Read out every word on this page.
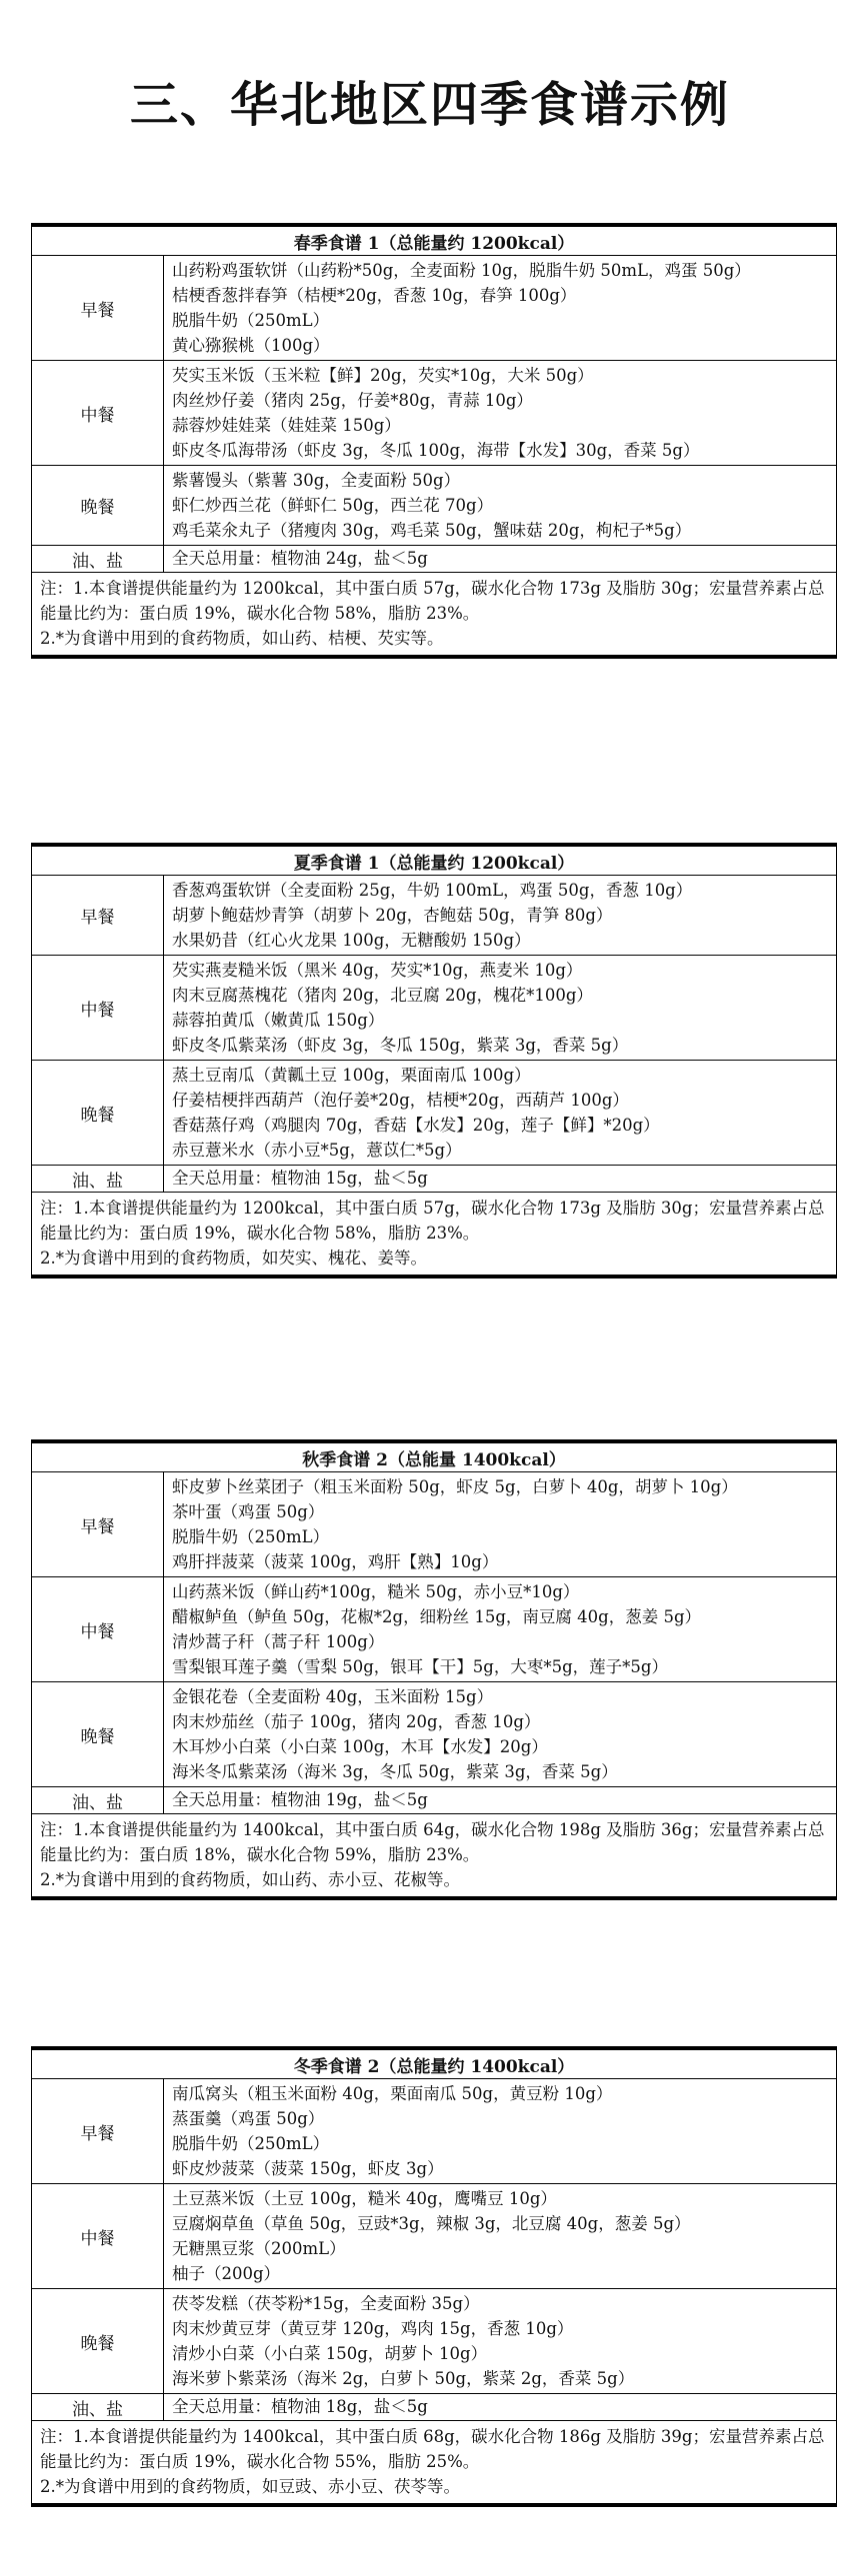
三、华北地区四季食谱示例
春季食谱 1（总能量约 1200kcal）	
早餐	山药粉鸡蛋软饼（山药粉*50g，全麦面粉 10g，脱脂牛奶 50mL，鸡蛋 50g）
桔梗香葱拌春笋（桔梗*20g，香葱 10g，春笋 100g）
脱脂牛奶（250mL）
黄心猕猴桃（100g）

中餐	芡实玉米饭（玉米粒【鲜】20g，芡实*10g，大米 50g）
肉丝炒仔姜（猪肉 25g，仔姜*80g，青蒜 10g）
蒜蓉炒娃娃菜（娃娃菜 150g）
虾皮冬瓜海带汤（虾皮 3g，冬瓜 100g，海带【水发】30g，香菜 5g）

晚餐	紫薯馒头（紫薯 30g，全麦面粉 50g）
虾仁炒西兰花（鲜虾仁 50g，西兰花 70g）
鸡毛菜氽丸子（猪瘦肉 30g，鸡毛菜 50g，蟹味菇 20g，枸杞子*5g）

油、盐	全天总用量：植物油 24g，盐＜5g

注：1.本食谱提供能量约为 1200kcal，其中蛋白质 57g，碳水化合物 173g 及脂肪 30g；宏量营养素占总能量比约为：蛋白质 19%，碳水化合物 58%，脂肪 23%。
2.*为食谱中用到的食药物质，如山药、桔梗、芡实等。	
夏季食谱 1（总能量约 1200kcal）	
早餐	香葱鸡蛋软饼（全麦面粉 25g，牛奶 100mL，鸡蛋 50g，香葱 10g）
胡萝卜鲍菇炒青笋（胡萝卜 20g，杏鲍菇 50g，青笋 80g）
水果奶昔（红心火龙果 100g，无糖酸奶 150g）

中餐	芡实燕麦糙米饭（黑米 40g，芡实*10g，燕麦米 10g）
肉末豆腐蒸槐花（猪肉 20g，北豆腐 20g，槐花*100g）
蒜蓉拍黄瓜（嫩黄瓜 150g）
虾皮冬瓜紫菜汤（虾皮 3g，冬瓜 150g，紫菜 3g，香菜 5g）

晚餐	蒸土豆南瓜（黄瓤土豆 100g，栗面南瓜 100g）
仔姜桔梗拌西葫芦（泡仔姜*20g，桔梗*20g，西葫芦 100g）
香菇蒸仔鸡（鸡腿肉 70g，香菇【水发】20g，莲子【鲜】*20g）
赤豆薏米水（赤小豆*5g，薏苡仁*5g）

油、盐	全天总用量：植物油 15g，盐＜5g

注：1.本食谱提供能量约为 1200kcal，其中蛋白质 57g，碳水化合物 173g 及脂肪 30g；宏量营养素占总能量比约为：蛋白质 19%，碳水化合物 58%，脂肪 23%。
2.*为食谱中用到的食药物质，如芡实、槐花、姜等。	
秋季食谱 2（总能量 1400kcal）	
早餐	虾皮萝卜丝菜团子（粗玉米面粉 50g，虾皮 5g，白萝卜 40g，胡萝卜 10g）
茶叶蛋（鸡蛋 50g）
脱脂牛奶（250mL）
鸡肝拌菠菜（菠菜 100g，鸡肝【熟】10g）

中餐	山药蒸米饭（鲜山药*100g，糙米 50g，赤小豆*10g）
醋椒鲈鱼（鲈鱼 50g，花椒*2g，细粉丝 15g，南豆腐 40g，葱姜 5g）
清炒蒿子秆（蒿子秆 100g）
雪梨银耳莲子羹（雪梨 50g，银耳【干】5g，大枣*5g，莲子*5g）

晚餐	金银花卷（全麦面粉 40g，玉米面粉 15g）
肉末炒茄丝（茄子 100g，猪肉 20g，香葱 10g）
木耳炒小白菜（小白菜 100g，木耳【水发】20g）
海米冬瓜紫菜汤（海米 3g，冬瓜 50g，紫菜 3g，香菜 5g）

油、盐	全天总用量：植物油 19g，盐＜5g

注：1.本食谱提供能量约为 1400kcal，其中蛋白质 64g，碳水化合物 198g 及脂肪 36g；宏量营养素占总能量比约为：蛋白质 18%，碳水化合物 59%，脂肪 23%。
2.*为食谱中用到的食药物质，如山药、赤小豆、花椒等。	
冬季食谱 2（总能量约 1400kcal）	
早餐	南瓜窝头（粗玉米面粉 40g，栗面南瓜 50g，黄豆粉 10g）
蒸蛋羹（鸡蛋 50g）
脱脂牛奶（250mL）
虾皮炒菠菜（菠菜 150g，虾皮 3g）

中餐	土豆蒸米饭（土豆 100g，糙米 40g，鹰嘴豆 10g）
豆腐焖草鱼（草鱼 50g，豆豉*3g，辣椒 3g，北豆腐 40g，葱姜 5g）
无糖黑豆浆（200mL）
柚子（200g）

晚餐	茯苓发糕（茯苓粉*15g，全麦面粉 35g）
肉末炒黄豆芽（黄豆芽 120g，鸡肉 15g，香葱 10g）
清炒小白菜（小白菜 150g，胡萝卜 10g）
海米萝卜紫菜汤（海米 2g，白萝卜 50g，紫菜 2g，香菜 5g）

油、盐	全天总用量：植物油 18g，盐＜5g

注：1.本食谱提供能量约为 1400kcal，其中蛋白质 68g，碳水化合物 186g 及脂肪 39g；宏量营养素占总能量比约为：蛋白质 19%，碳水化合物 55%，脂肪 25%。
2.*为食谱中用到的食药物质，如豆豉、赤小豆、茯苓等。	
